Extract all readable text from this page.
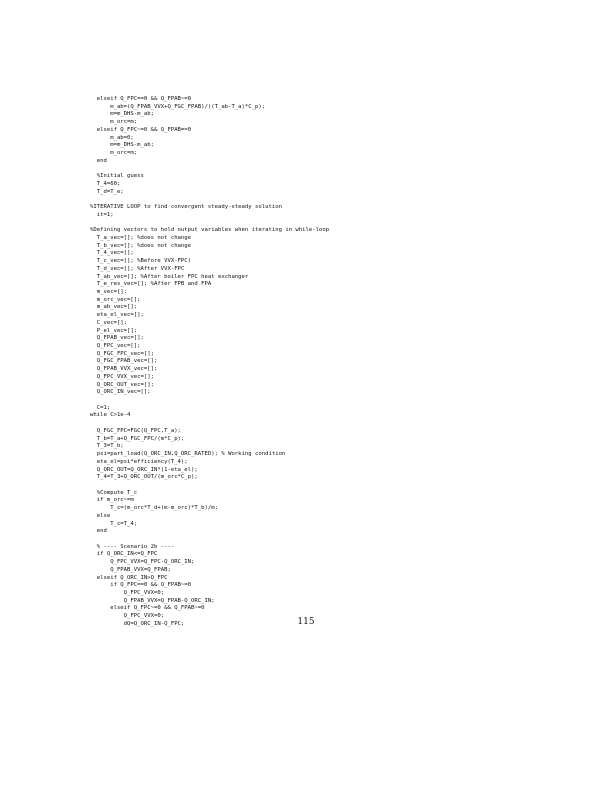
elseif Q_FPC==0 && Q_FPAB~=0
m_ab=(Q_FPAB_VVX+Q_FGC_FPAB)/((T_ab-T_a)*C_p);
m=m_DHS-m_ab;
m_orc=m;
elseif Q_FPC~=0 && Q_FPAB==0
m_ab=0;
m=m_DHS-m_ab;
m_orc=m;
end
%Initial guess
T_4=60;
T_d=T_e;
%ITERATIVE LOOP to find convergent steady-steady solution
it=1;
%Defining vectors to hold output variables when iterating in while-loop
T_a_vec=[]; %does not change
T_b_vec=[]; %does not change
T_4_vec=[];
T_c_vec=[]; %Before VVX-FPC)
T_d_vec=[]; %After VVX-FPC
T_ab_vec=[]; %After boiler FPC heat exchanger
T_e_res_vec=[]; %After FPB and FPA
m_vec=[];
m_orc_vec=[];
m_ab_vec=[];
eta_el_vec=[];
C_vec=[];
P_el_vec=[];
Q_FPAB_vec=[];
Q_FPC_vec=[];
Q_FGC_FPC_vec=[];
Q_FGC_FPAB_vec=[];
Q_FPAB_VVX_vec=[];
Q_FPC_VVX_vec=[];
Q_ORC_OUT_vec=[];
Q_ORC_IN_vec=[];
C=1;
while C>1e-4
Q_FGC_FPC=FGC(Q_FPC,T_a);
T_b=T_a+Q_FGC_FPC/(m*C_p);
T_3=T_b;
psi=part_load(Q_ORC_IN,Q_ORC_RATED); % Working condition
eta_el=psi*efficiency(T_4);
Q_ORC_OUT=Q_ORC_IN*(1-eta_el);
T_4=T_3+Q_ORC_OUT/(m_orc*C_p);
%Compute T_c
if m_orc~=m
T_c=(m_orc*T_d+(m-m_orc)*T_b)/m;
else
T_c=T_4;
end
% ---- Scenario 2b ----
if Q_ORC_IN<=Q_FPC
Q_FPC_VVX=Q_FPC-Q_ORC_IN;
Q_FPAB_VVX=Q_FPAB;
elseif Q_ORC_IN>Q_FPC
if Q_FPC==0 && Q_FPAB~=0
Q_FPC_VVX=0;
Q_FPAB_VVX=Q_FPAB-Q_ORC_IN;
elseif Q_FPC~=0 && Q_FPAB~=0
Q_FPC_VVX=0;
dQ=Q_ORC_IN-Q_FPC;	115
